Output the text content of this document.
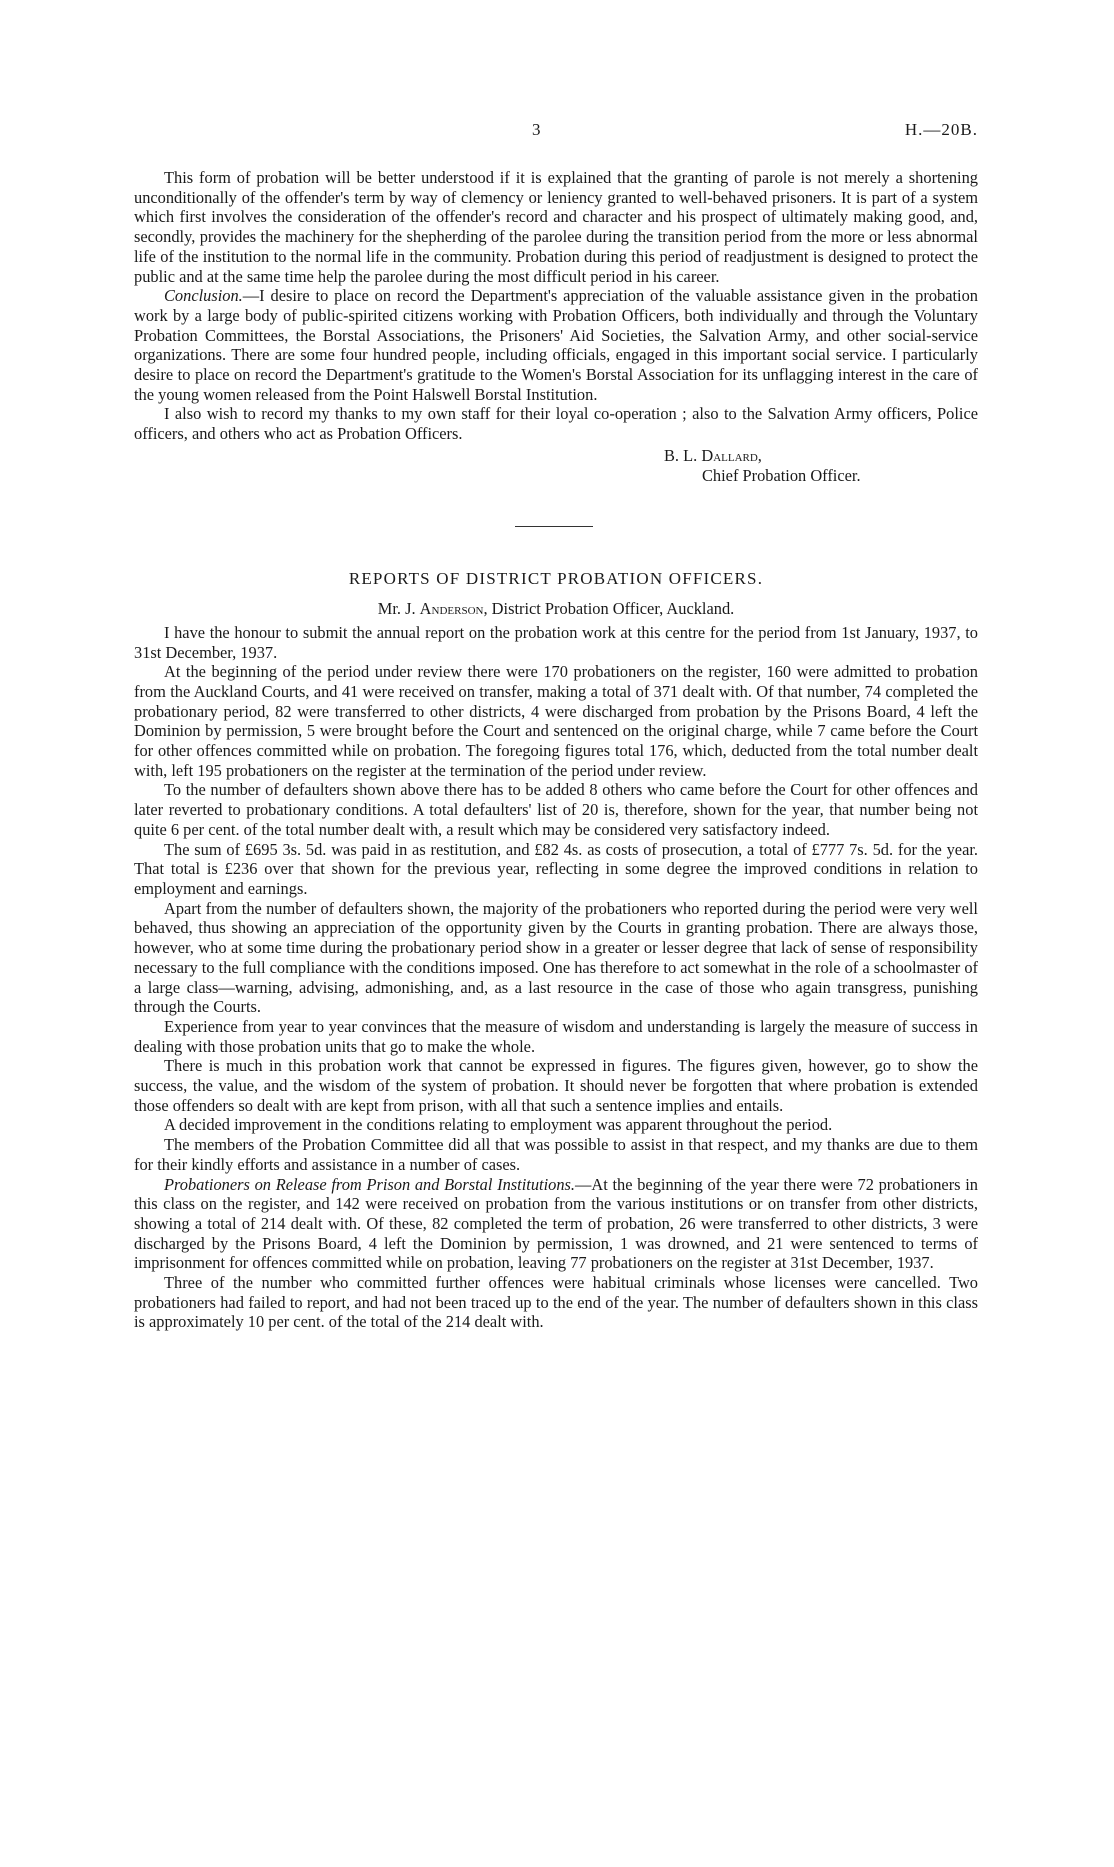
3	H.—20B.

This form of probation will be better understood if it is explained that the granting of parole is not merely a shortening unconditionally of the offender's term by way of clemency or leniency granted to well-behaved prisoners. It is part of a system which first involves the consideration of the offender's record and character and his prospect of ultimately making good, and, secondly, provides the machinery for the shepherding of the parolee during the transition period from the more or less abnormal life of the institution to the normal life in the community. Probation during this period of readjustment is designed to protect the public and at the same time help the parolee during the most difficult period in his career.

Conclusion.—I desire to place on record the Department's appreciation of the valuable assistance given in the probation work by a large body of public-spirited citizens working with Probation Officers, both individually and through the Voluntary Probation Committees, the Borstal Associations, the Prisoners' Aid Societies, the Salvation Army, and other social-service organizations. There are some four hundred people, including officials, engaged in this important social service. I particularly desire to place on record the Department's gratitude to the Women's Borstal Association for its unflagging interest in the care of the young women released from the Point Halswell Borstal Institution.

I also wish to record my thanks to my own staff for their loyal co-operation ; also to the Salvation Army officers, Police officers, and others who act as Probation Officers.

B. L. Dallard,
Chief Probation Officer.
REPORTS OF DISTRICT PROBATION OFFICERS.
Mr. J. Anderson, District Probation Officer, Auckland.

I have the honour to submit the annual report on the probation work at this centre for the period from 1st January, 1937, to 31st December, 1937.

At the beginning of the period under review there were 170 probationers on the register, 160 were admitted to probation from the Auckland Courts, and 41 were received on transfer, making a total of 371 dealt with. Of that number, 74 completed the probationary period, 82 were transferred to other districts, 4 were discharged from probation by the Prisons Board, 4 left the Dominion by permission, 5 were brought before the Court and sentenced on the original charge, while 7 came before the Court for other offences committed while on probation. The foregoing figures total 176, which, deducted from the total number dealt with, left 195 probationers on the register at the termination of the period under review.

To the number of defaulters shown above there has to be added 8 others who came before the Court for other offences and later reverted to probationary conditions. A total defaulters' list of 20 is, therefore, shown for the year, that number being not quite 6 per cent. of the total number dealt with, a result which may be considered very satisfactory indeed.

The sum of £695 3s. 5d. was paid in as restitution, and £82 4s. as costs of prosecution, a total of £777 7s. 5d. for the year. That total is £236 over that shown for the previous year, reflecting in some degree the improved conditions in relation to employment and earnings.

Apart from the number of defaulters shown, the majority of the probationers who reported during the period were very well behaved, thus showing an appreciation of the opportunity given by the Courts in granting probation. There are always those, however, who at some time during the probationary period show in a greater or lesser degree that lack of sense of responsibility necessary to the full compliance with the conditions imposed. One has therefore to act somewhat in the role of a schoolmaster of a large class—warning, advising, admonishing, and, as a last resource in the case of those who again transgress, punishing through the Courts.

Experience from year to year convinces that the measure of wisdom and understanding is largely the measure of success in dealing with those probation units that go to make the whole.

There is much in this probation work that cannot be expressed in figures. The figures given, however, go to show the success, the value, and the wisdom of the system of probation. It should never be forgotten that where probation is extended those offenders so dealt with are kept from prison, with all that such a sentence implies and entails.

A decided improvement in the conditions relating to employment was apparent throughout the period.

The members of the Probation Committee did all that was possible to assist in that respect, and my thanks are due to them for their kindly efforts and assistance in a number of cases.

Probationers on Release from Prison and Borstal Institutions.—At the beginning of the year there were 72 probationers in this class on the register, and 142 were received on probation from the various institutions or on transfer from other districts, showing a total of 214 dealt with. Of these, 82 completed the term of probation, 26 were transferred to other districts, 3 were discharged by the Prisons Board, 4 left the Dominion by permission, 1 was drowned, and 21 were sentenced to terms of imprisonment for offences committed while on probation, leaving 77 probationers on the register at 31st December, 1937.

Three of the number who committed further offences were habitual criminals whose licenses were cancelled. Two probationers had failed to report, and had not been traced up to the end of the year. The number of defaulters shown in this class is approximately 10 per cent. of the total of the 214 dealt with.
